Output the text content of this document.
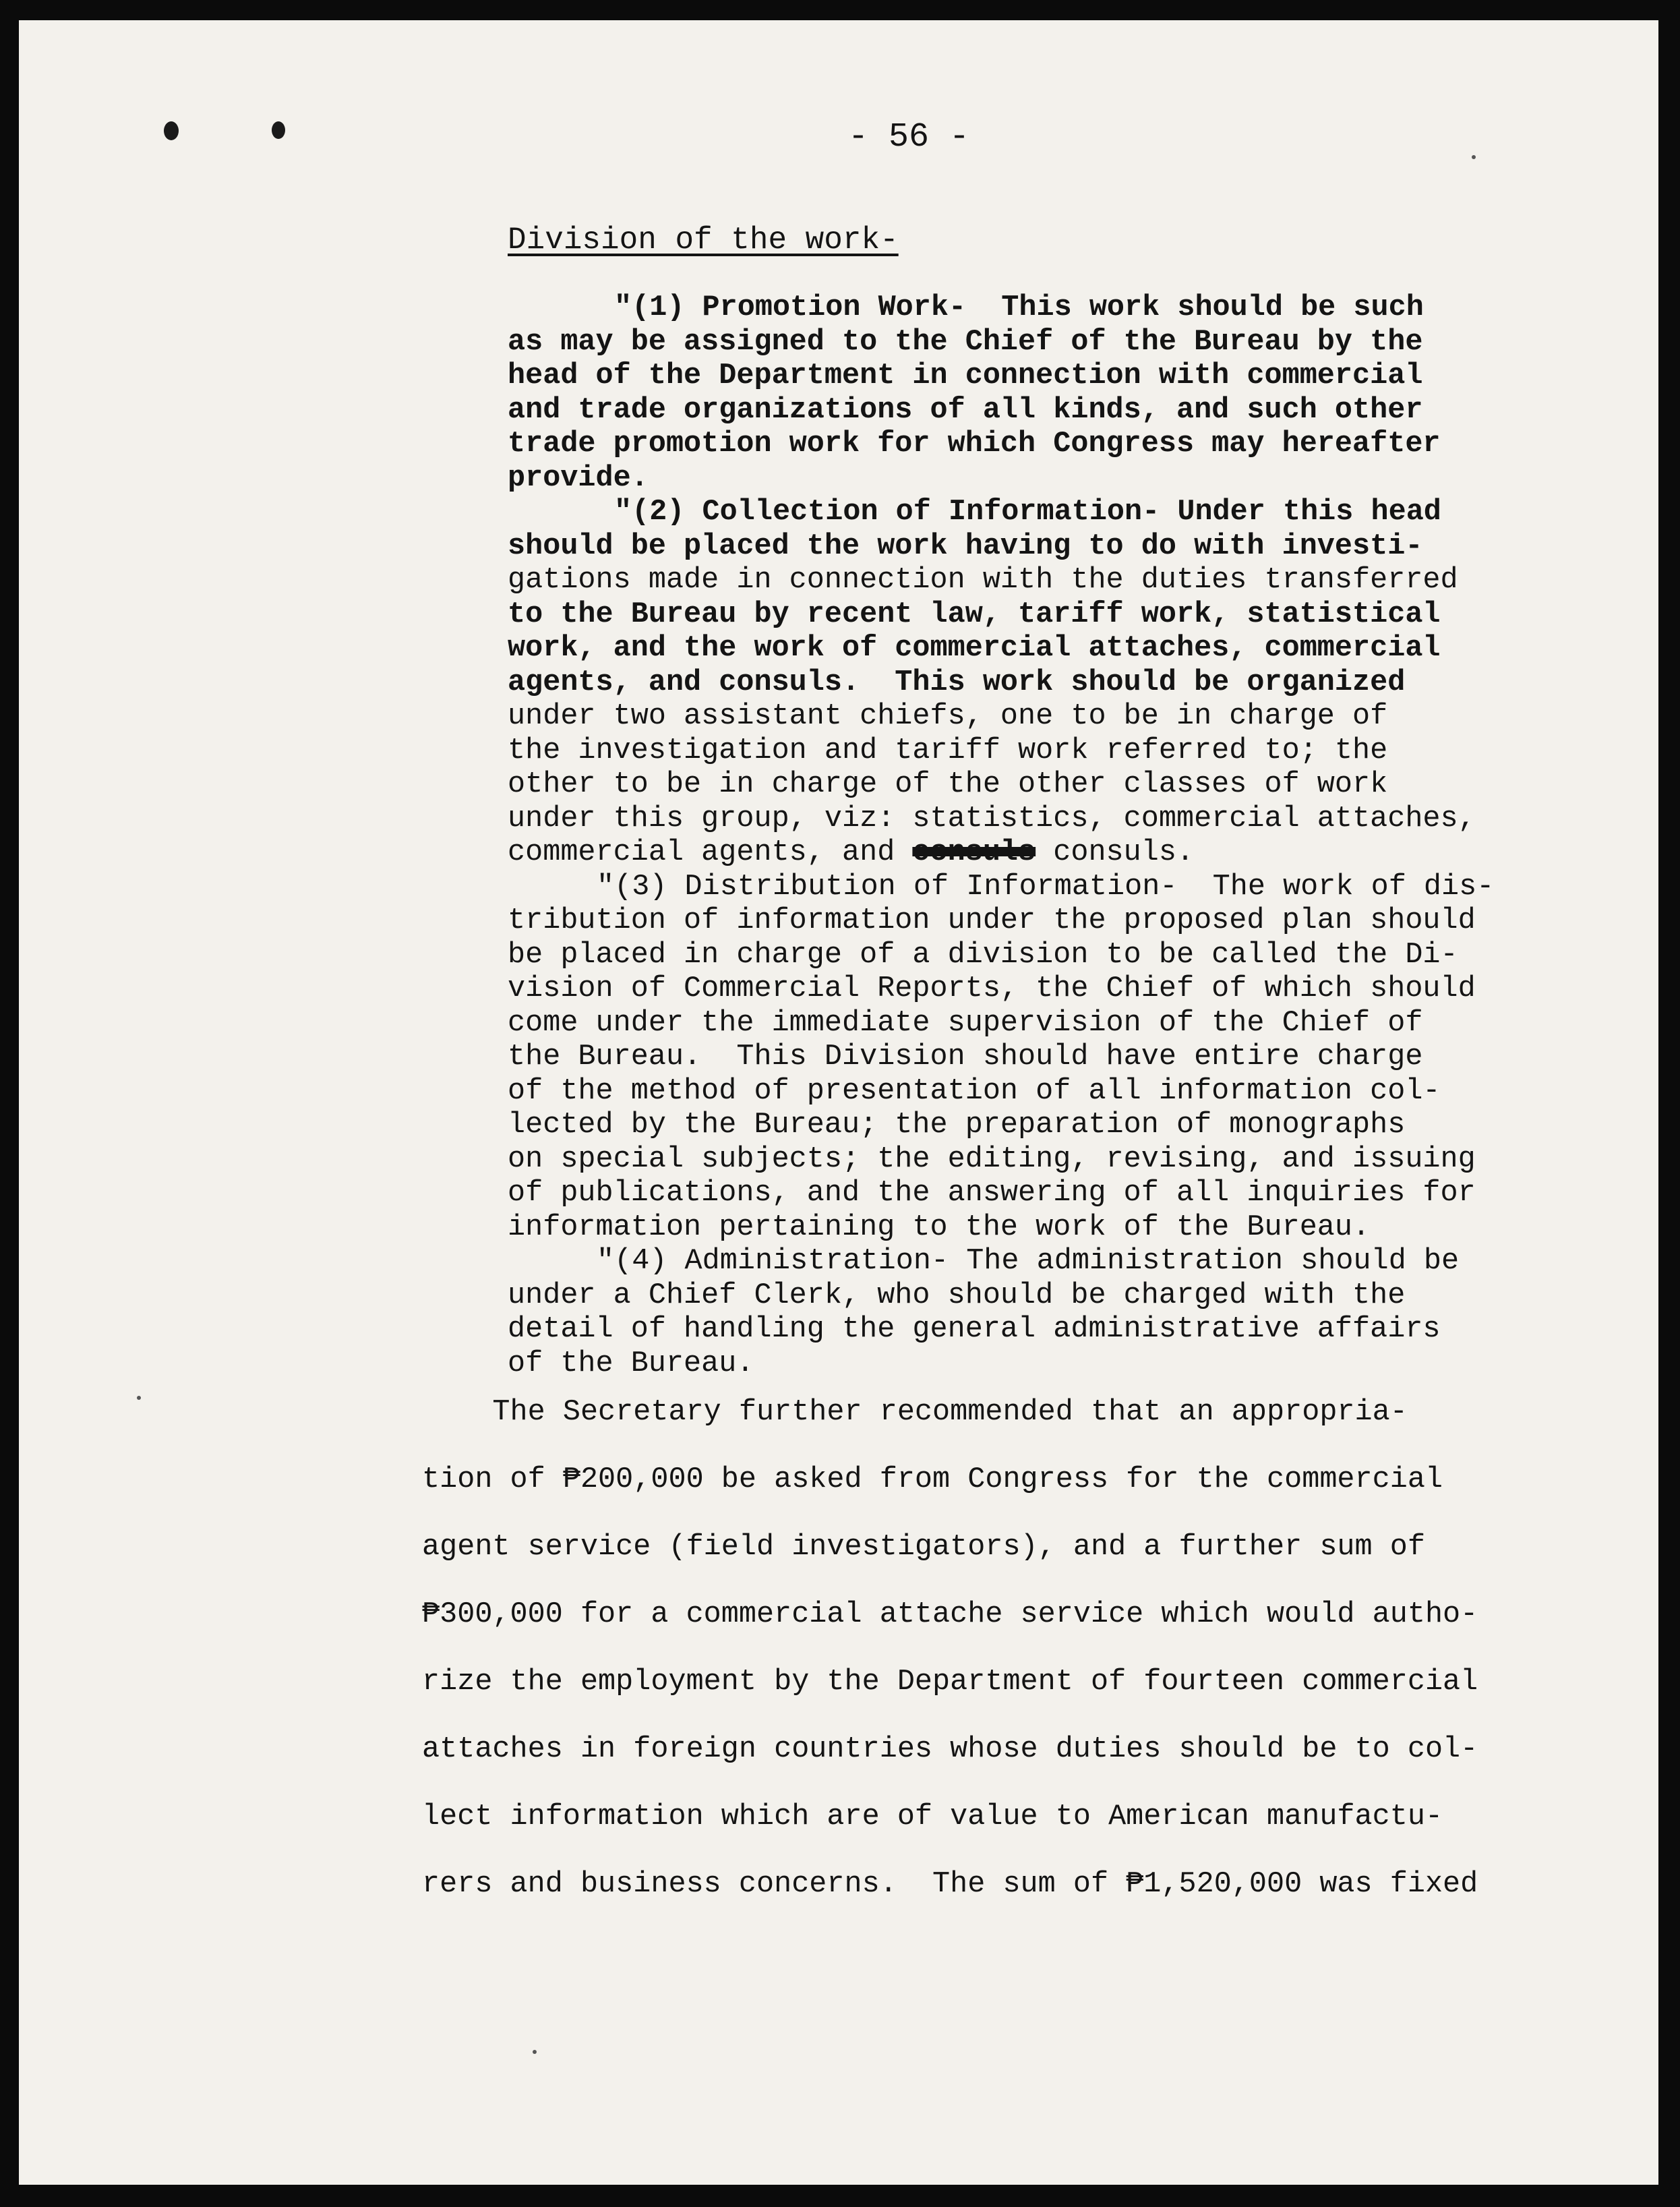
- 56 -
Division of the work-
"(1) Promotion Work-  This work should be such
as may be assigned to the Chief of the Bureau by the
head of the Department in connection with commercial
and trade organizations of all kinds, and such other
trade promotion work for which Congress may hereafter
provide.
"(2) Collection of Information- Under this head
should be placed the work having to do with investi-
gations made in connection with the duties transferred
to the Bureau by recent law, tariff work, statistical
work, and the work of commercial attaches, commercial
agents, and consuls.  This work should be organized
under two assistant chiefs, one to be in charge of
the investigation and tariff work referred to; the
other to be in charge of the other classes of work
under this group, viz: statistics, commercial attaches,
commercial agents, and consuls consuls.
"(3) Distribution of Information-  The work of dis-
tribution of information under the proposed plan should
be placed in charge of a division to be called the Di-
vision of Commercial Reports, the Chief of which should
come under the immediate supervision of the Chief of
the Bureau.  This Division should have entire charge
of the method of presentation of all information col-
lected by the Bureau; the preparation of monographs
on special subjects; the editing, revising, and issuing
of publications, and the answering of all inquiries for
information pertaining to the work of the Bureau.
"(4) Administration- The administration should be
under a Chief Clerk, who should be charged with the
detail of handling the general administrative affairs
of the Bureau.
The Secretary further recommended that an appropria-
tion of ₱200,000 be asked from Congress for the commercial
agent service (field investigators), and a further sum of
₱300,000 for a commercial attache service which would autho-
rize the employment by the Department of fourteen commercial
attaches in foreign countries whose duties should be to col-
lect information which are of value to American manufactu-
rers and business concerns.  The sum of ₱1,520,000 was fixed
